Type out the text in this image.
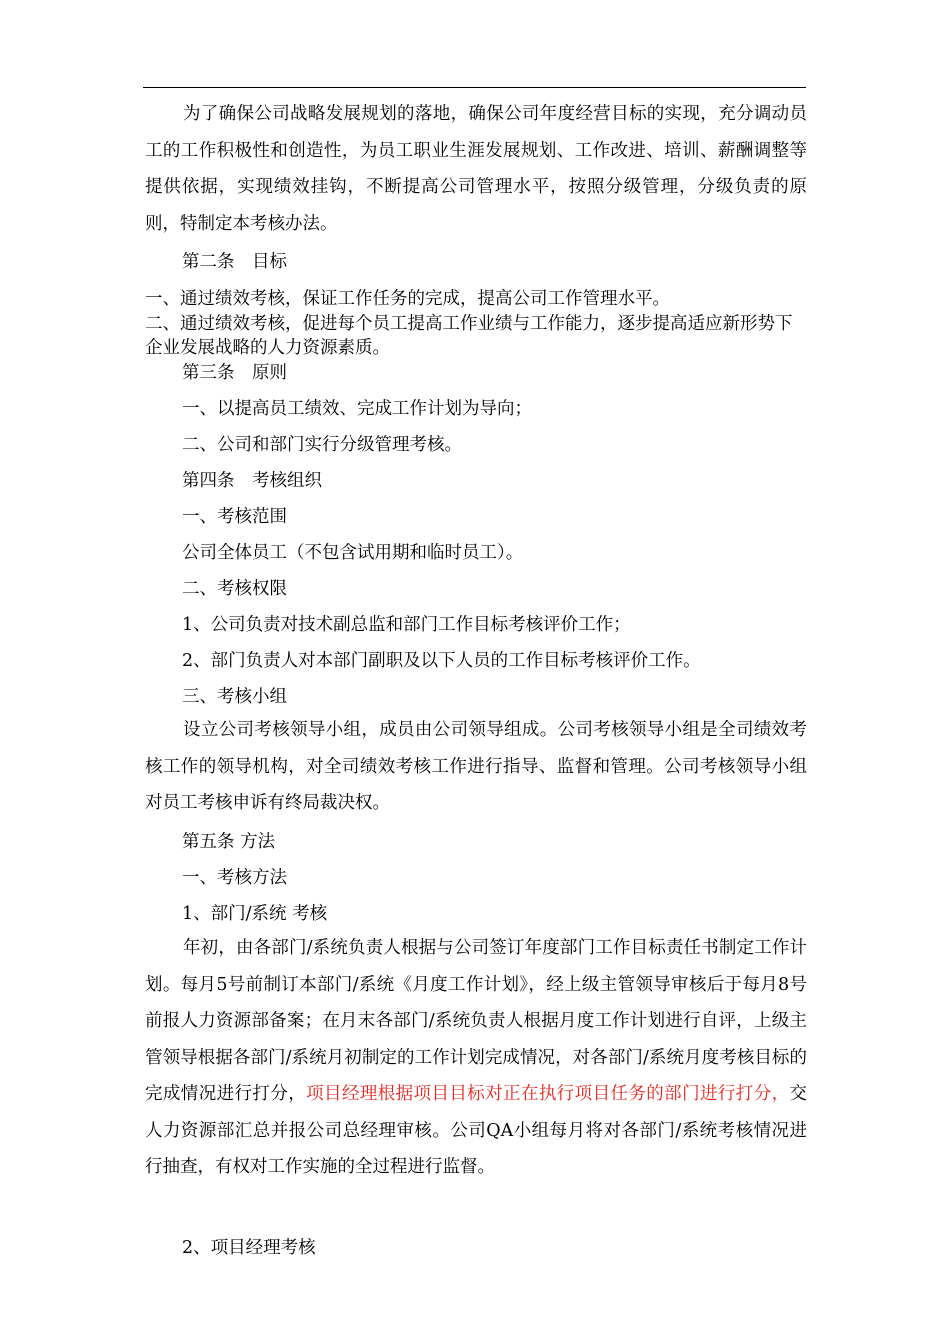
为了确保公司战略发展规划的落地，确保公司年度经营目标的实现，充分调动员工的工作积极性和创造性，为员工职业生涯发展规划、工作改进、培训、薪酬调整等提供依据，实现绩效挂钩，不断提高公司管理水平，按照分级管理，分级负责的原则，特制定本考核办法。

第二条　目标

一、通过绩效考核，保证工作任务的完成，提高公司工作管理水平。

二、通过绩效考核，促进每个员工提高工作业绩与工作能力，逐步提高适应新形势下企业发展战略的人力资源素质。

第三条　原则
一、以提高员工绩效、完成工作计划为导向；
二、公司和部门实行分级管理考核。
第四条　考核组织
一、考核范围
公司全体员工（不包含试用期和临时员工）。
二、考核权限
1、公司负责对技术副总监和部门工作目标考核评价工作；
2、部门负责人对本部门副职及以下人员的工作目标考核评价工作。
三、考核小组

设立公司考核领导小组，成员由公司领导组成。公司考核领导小组是全司绩效考核工作的领导机构，对全司绩效考核工作进行指导、监督和管理。公司考核领导小组对员工考核申诉有终局裁决权。

第五条 方法
一、考核方法
1、部门/系统 考核

年初，由各部门/系统负责人根据与公司签订年度部门工作目标责任书制定工作计划。每月5号前制订本部门/系统《月度工作计划》，经上级主管领导审核后于每月8号前报人力资源部备案；在月末各部门/系统负责人根据月度工作计划进行自评，上级主管领导根据各部门/系统月初制定的工作计划完成情况，对各部门/系统月度考核目标的完成情况进行打分，项目经理根据项目目标对正在执行项目任务的部门进行打分，交人力资源部汇总并报公司总经理审核。公司QA小组每月将对各部门/系统考核情况进行抽查，有权对工作实施的全过程进行监督。

2、项目经理考核
